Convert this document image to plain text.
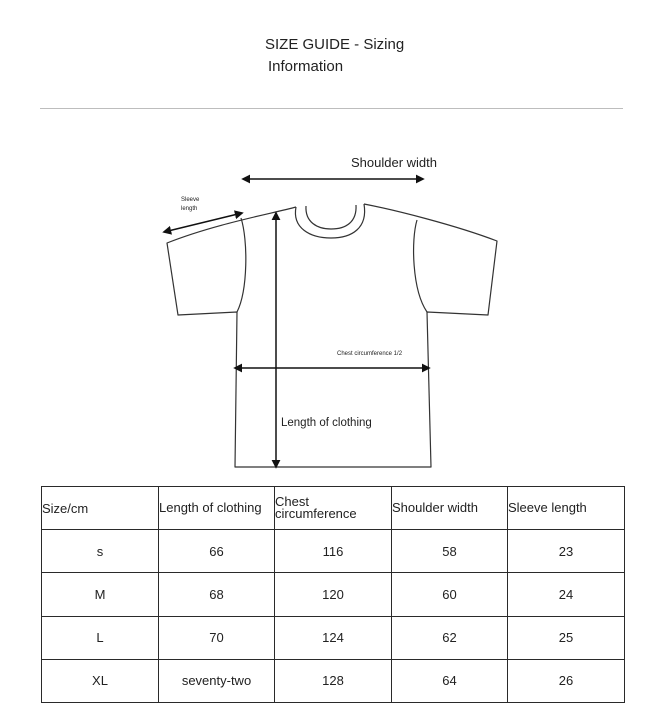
SIZE GUIDE - Sizing
Information
Shoulder width
Sleeve length
Chest circumference 1/2
Length of clothing
Size/cm	Length of clothing	Chest circumference	Shoulder width	Sleeve length
s	66	116	58	23
M	68	120	60	24
L	70	124	62	25
XL	seventy-two	128	64	26
